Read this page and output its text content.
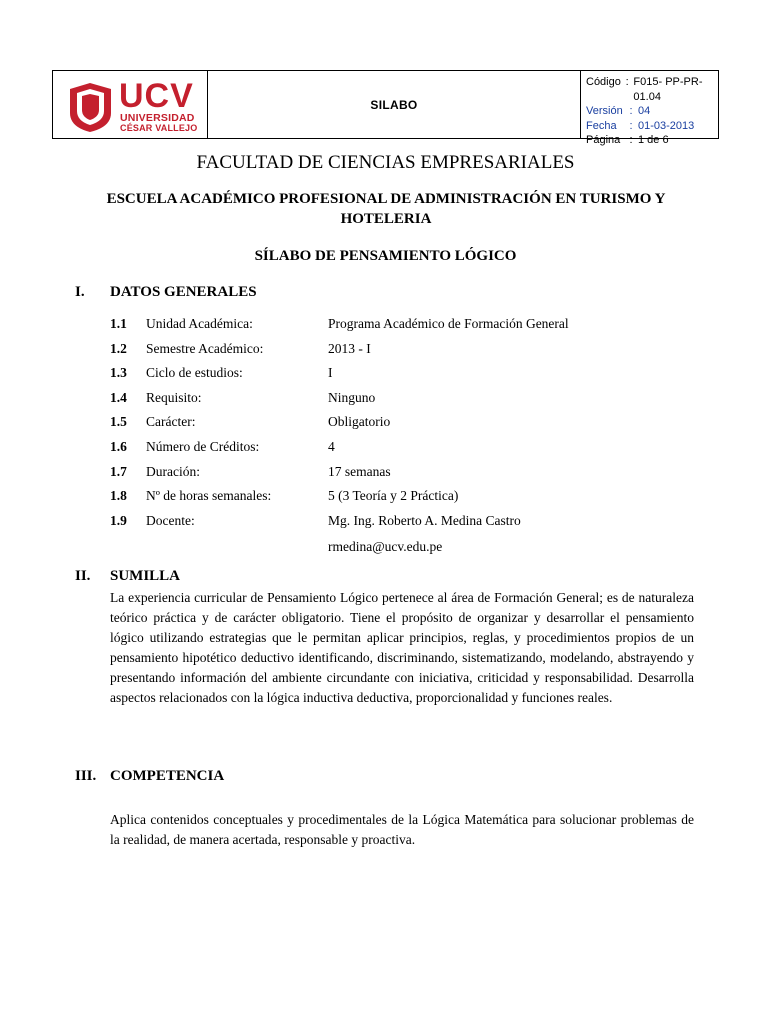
UCV
UNIVERSIDAD
CÉSAR VALLEJO
SILABO
Código : F015- PP-PR-01.04
Versión : 04
Fecha	: 01-03-2013
Página : 1 de 6
FACULTAD DE CIENCIAS EMPRESARIALES
ESCUELA ACADÉMICO PROFESIONAL DE ADMINISTRACIÓN EN TURISMO Y HOTELERIA
SÍLABO DE PENSAMIENTO LÓGICO
I. DATOS GENERALES
1.1	Unidad Académica:	Programa Académico de Formación General
1.2	Semestre Académico:	2013 - I
1.3	Ciclo de estudios:	I
1.4	Requisito:	Ninguno
1.5	Carácter:	Obligatorio
1.6	Número de Créditos:	4
1.7	Duración:	17 semanas
1.8	Nº de horas semanales:	5 (3 Teoría y 2 Práctica)
1.9	Docente:	Mg. Ing. Roberto A. Medina Castro
rmedina@ucv.edu.pe
II. SUMILLA

La experiencia curricular de Pensamiento Lógico pertenece al área de Formación General; es de naturaleza teórico práctica y de carácter obligatorio. Tiene el propósito de organizar y desarrollar el pensamiento lógico utilizando estrategias que le permitan aplicar principios, reglas, y procedimientos propios de un pensamiento hipotético deductivo identificando, discriminando, sistematizando, modelando, abstrayendo y presentando información del ambiente circundante con iniciativa, criticidad y responsabilidad. Desarrolla aspectos relacionados con la lógica inductiva deductiva, proporcionalidad y funciones reales.

III. COMPETENCIA

Aplica contenidos conceptuales y procedimentales de la Lógica Matemática para solucionar problemas de la realidad, de manera acertada, responsable y proactiva.
